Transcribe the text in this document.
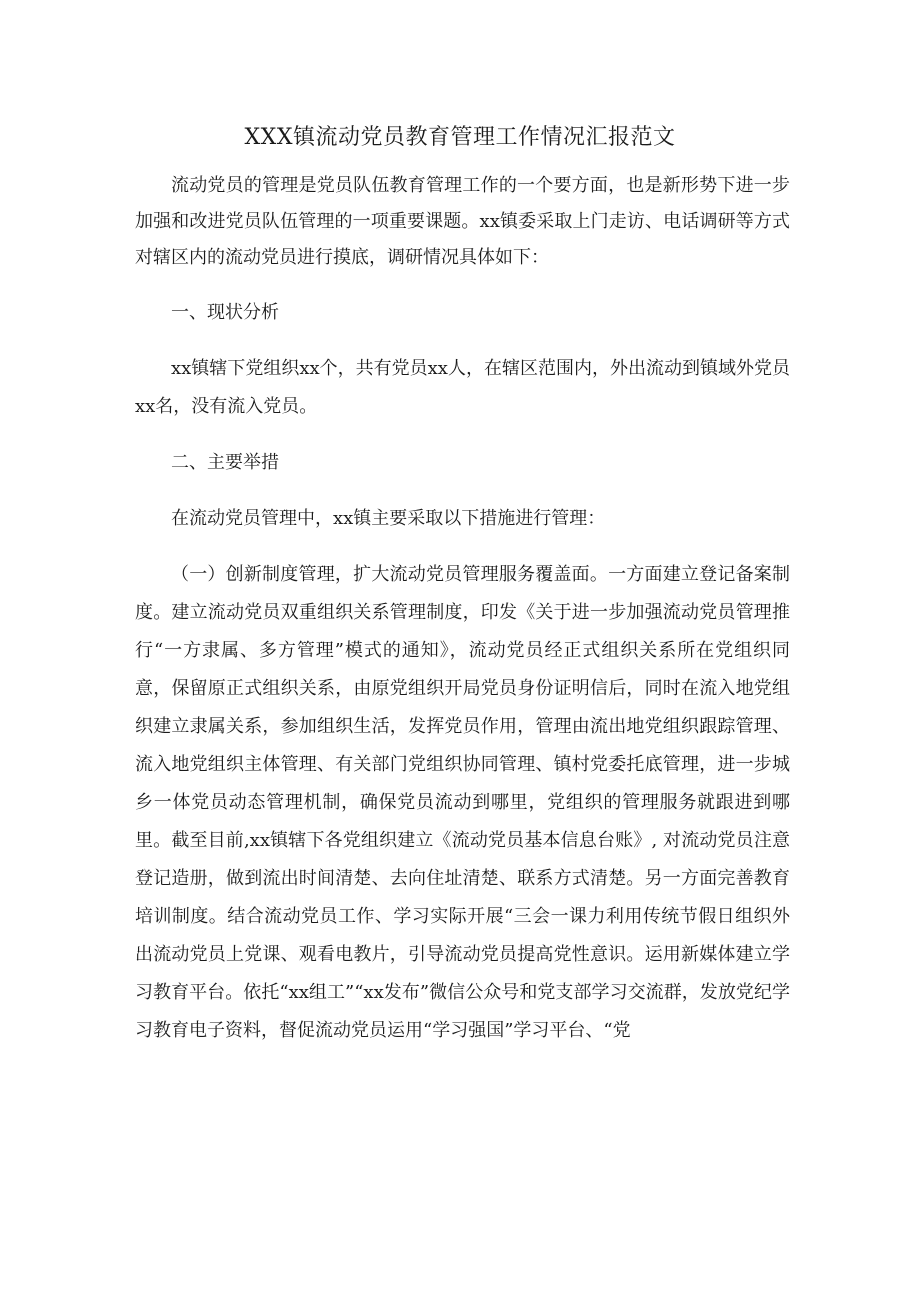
XXX镇流动党员教育管理工作情况汇报范文

流动党员的管理是党员队伍教育管理工作的一个要方面，也是新形势下进一步加强和改进党员队伍管理的一项重要课题。xx镇委采取上门走访、电话调研等方式对辖区内的流动党员进行摸底，调研情况具体如下：

一、现状分析

xx镇辖下党组织xx个，共有党员xx人，在辖区范围内，外出流动到镇域外党员xx名，没有流入党员。

二、主要举措

在流动党员管理中，xx镇主要采取以下措施进行管理：

（一）创新制度管理，扩大流动党员管理服务覆盖面。一方面建立登记备案制度。建立流动党员双重组织关系管理制度，印发《关于进一步加强流动党员管理推行“一方隶属、多方管理”模式的通知》，流动党员经正式组织关系所在党组织同意，保留原正式组织关系，由原党组织开局党员身份证明信后，同时在流入地党组织建立隶属关系，参加组织生活，发挥党员作用，管理由流出地党组织跟踪管理、流入地党组织主体管理、有关部门党组织协同管理、镇村党委托底管理，进一步城乡一体党员动态管理机制，确保党员流动到哪里，党组织的管理服务就跟进到哪里。截至目前,xx镇辖下各党组织建立《流动党员基本信息台账》, 对流动党员注意登记造册，做到流出时间清楚、去向住址清楚、联系方式清楚。另一方面完善教育培训制度。结合流动党员工作、学习实际开展“三会一课力利用传统节假日组织外出流动党员上党课、观看电教片，引导流动党员提高党性意识。运用新媒体建立学习教育平台。依托“xx组工”“xx发布”微信公众号和党支部学习交流群，发放党纪学习教育电子资料，督促流动党员运用“学习强国”学习平台、“党
